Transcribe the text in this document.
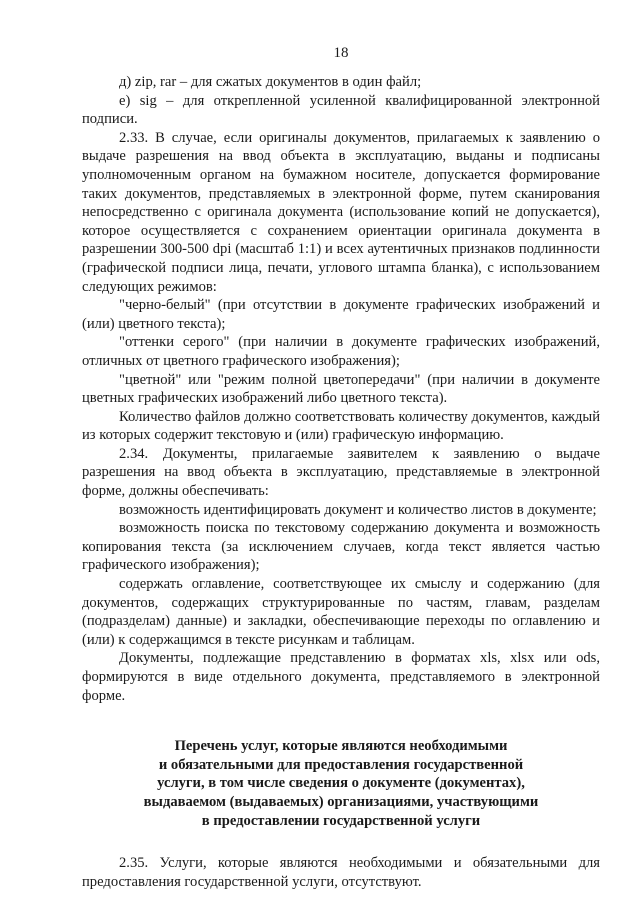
18

д) zip, rar – для сжатых документов в один файл;

е) sig – для открепленной усиленной квалифицированной электронной подписи.

2.33. В случае, если оригиналы документов, прилагаемых к заявлению о выдаче разрешения на ввод объекта в эксплуатацию, выданы и подписаны уполномоченным органом на бумажном носителе, допускается формирование таких документов, представляемых в электронной форме, путем сканирования непосредственно с оригинала документа (использование копий не допускается), которое осуществляется с сохранением ориентации оригинала документа в разрешении 300-500 dpi (масштаб 1:1) и всех аутентичных признаков подлинности (графической подписи лица, печати, углового штампа бланка), с использованием следующих режимов:

"черно-белый" (при отсутствии в документе графических изображений и (или) цветного текста);

"оттенки серого" (при наличии в документе графических изображений, отличных от цветного графического изображения);

"цветной" или "режим полной цветопередачи" (при наличии в документе цветных графических изображений либо цветного текста).

Количество файлов должно соответствовать количеству документов, каждый из которых содержит текстовую и (или) графическую информацию.

2.34. Документы, прилагаемые заявителем к заявлению о выдаче разрешения на ввод объекта в эксплуатацию, представляемые в электронной форме, должны обеспечивать:

возможность идентифицировать документ и количество листов в документе;

возможность поиска по текстовому содержанию документа и возможность копирования текста (за исключением случаев, когда текст является частью графического изображения);

содержать оглавление, соответствующее их смыслу и содержанию (для документов, содержащих структурированные по частям, главам, разделам (подразделам) данные) и закладки, обеспечивающие переходы по оглавлению и (или) к содержащимся в тексте рисункам и таблицам.

Документы, подлежащие представлению в форматах xls, xlsx или ods, формируются в виде отдельного документа, представляемого в электронной форме.

Перечень услуг, которые являются необходимыми
и обязательными для предоставления государственной
услуги, в том числе сведения о документе (документах),
выдаваемом (выдаваемых) организациями, участвующими
в предоставлении государственной услуги

2.35. Услуги, которые являются необходимыми и обязательными для предоставления государственной услуги, отсутствуют.
